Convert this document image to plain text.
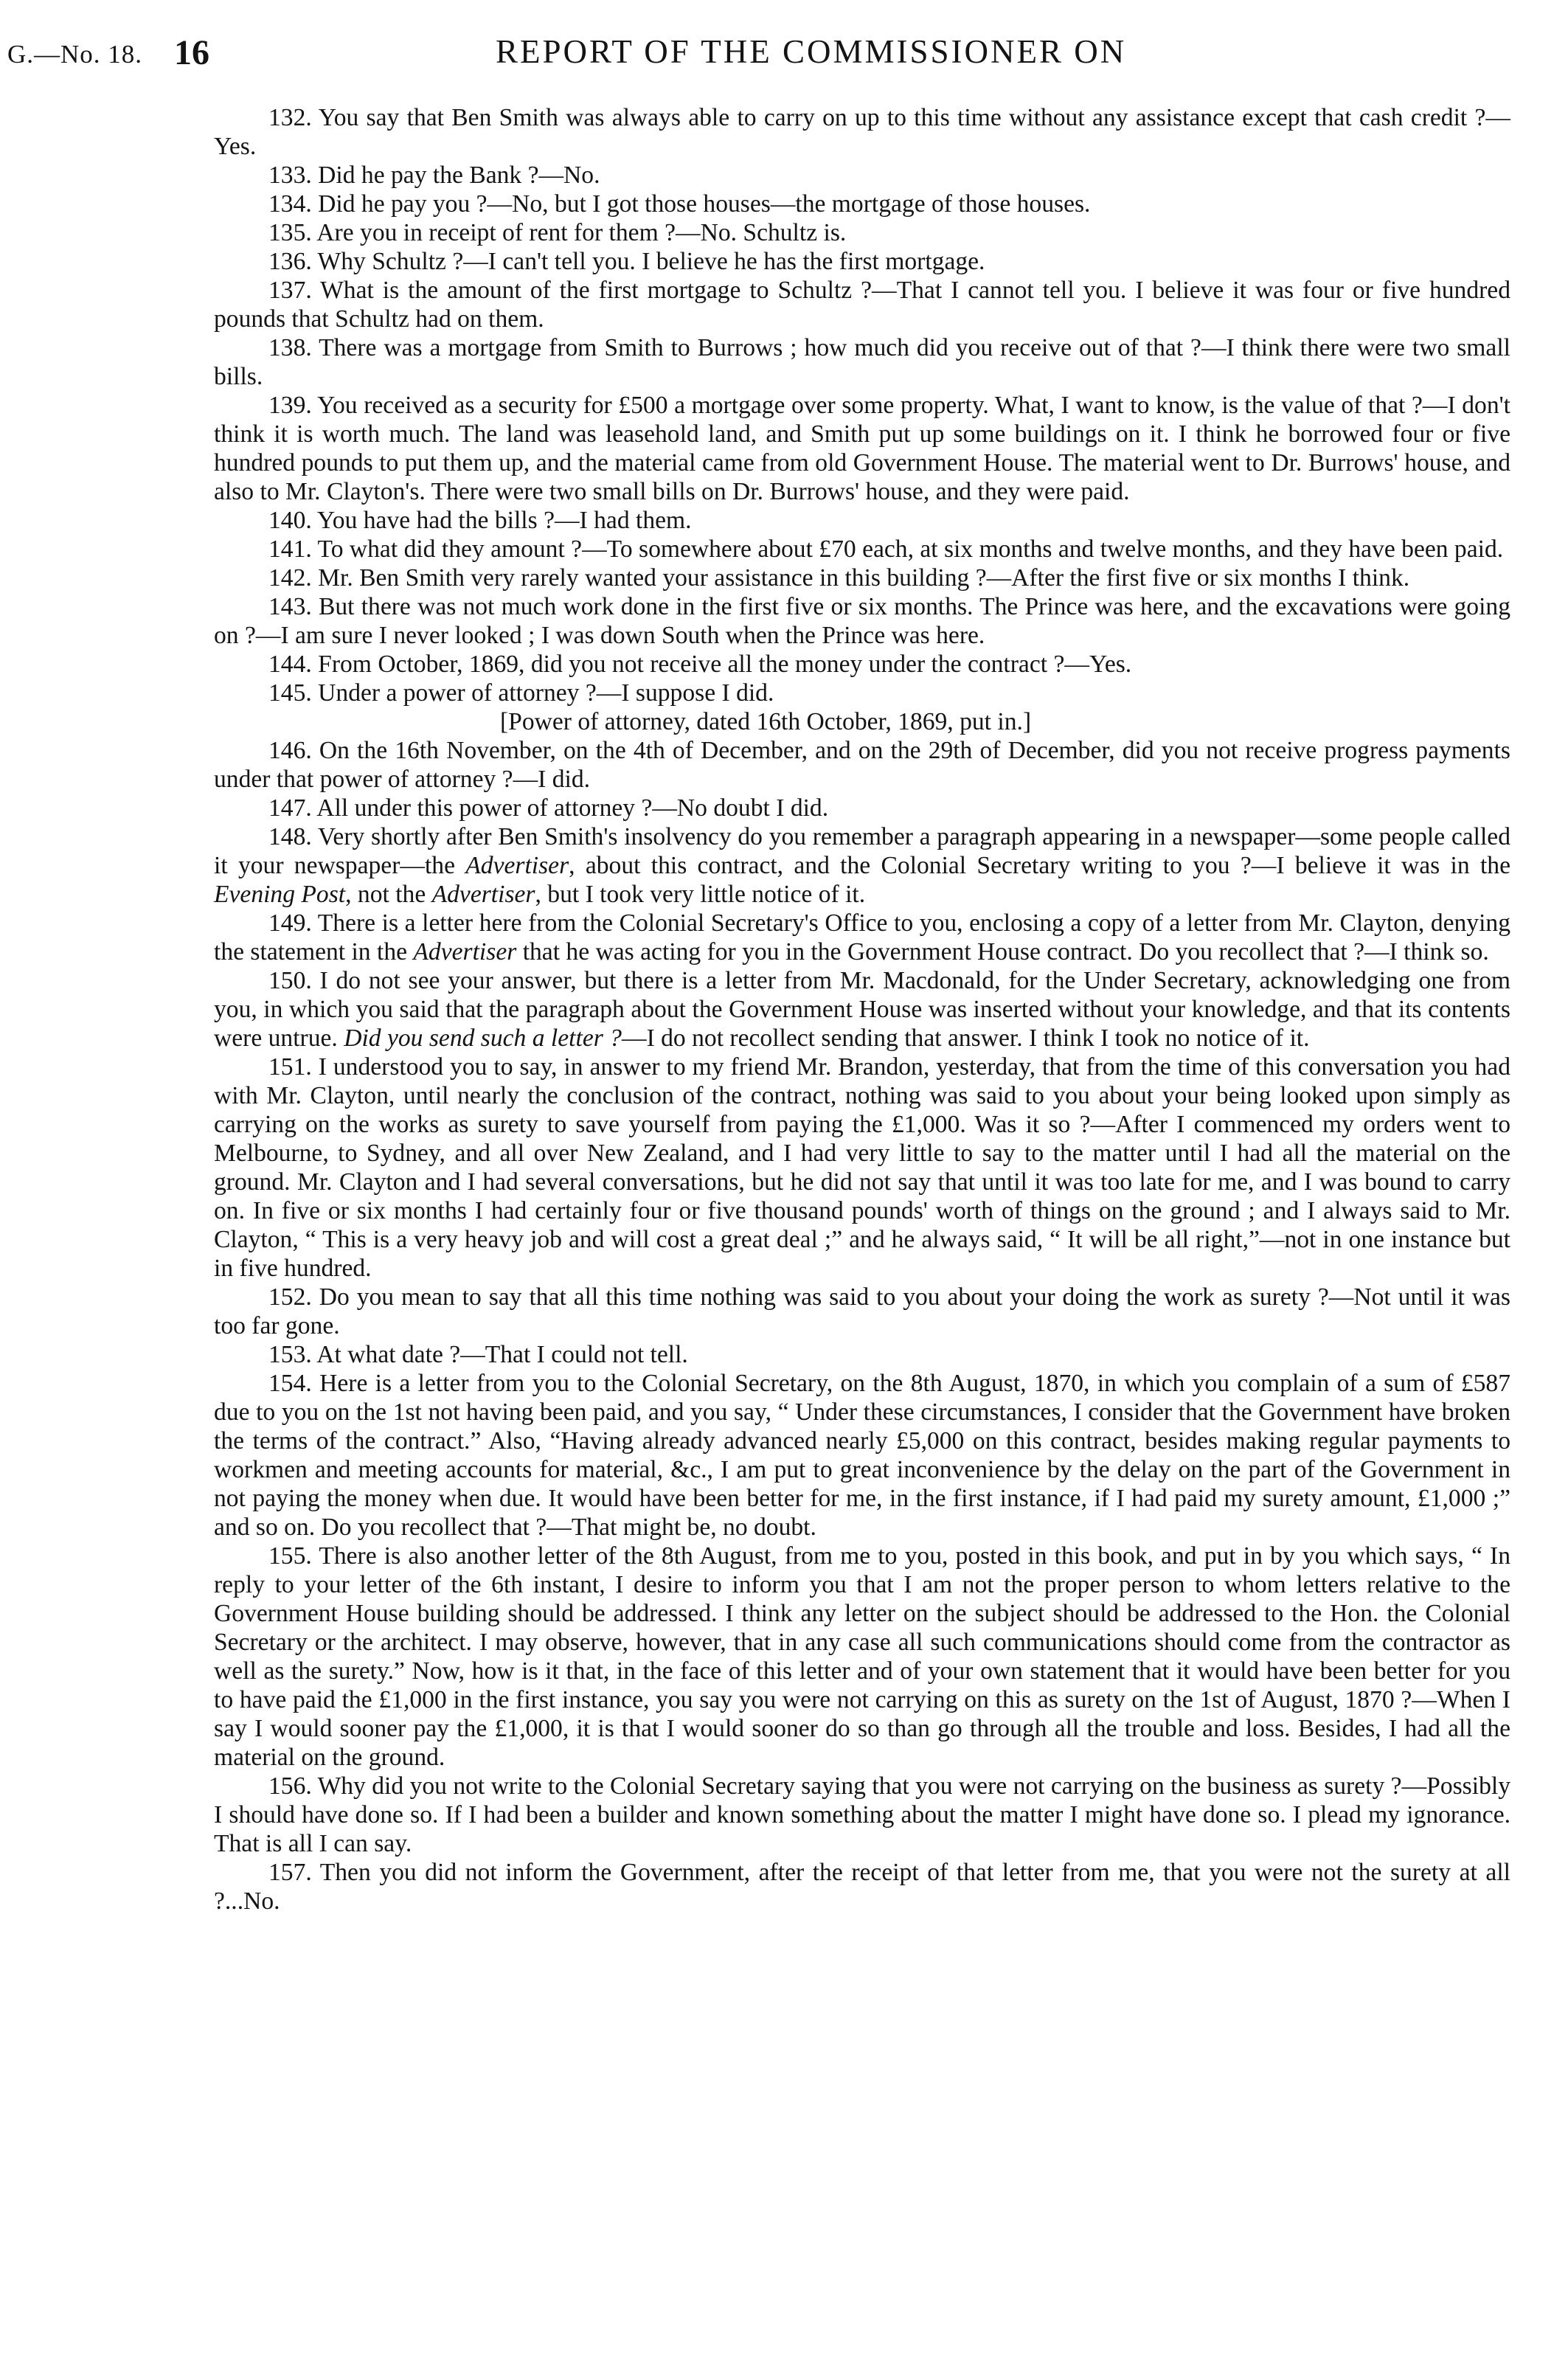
G.—No. 18. 16	REPORT OF THE COMMISSIONER ON

132. You say that Ben Smith was always able to carry on up to this time without any assistance except that cash credit ?—Yes.

133. Did he pay the Bank ?—No.

134. Did he pay you ?—No, but I got those houses—the mortgage of those houses.

135. Are you in receipt of rent for them ?—No. Schultz is.

136. Why Schultz ?—I can't tell you. I believe he has the first mortgage.

137. What is the amount of the first mortgage to Schultz ?—That I cannot tell you. I believe it was four or five hundred pounds that Schultz had on them.

138. There was a mortgage from Smith to Burrows ; how much did you receive out of that ?—I think there were two small bills.

139. You received as a security for £500 a mortgage over some property. What, I want to know, is the value of that ?—I don't think it is worth much. The land was leasehold land, and Smith put up some buildings on it. I think he borrowed four or five hundred pounds to put them up, and the material came from old Government House. The material went to Dr. Burrows' house, and also to Mr. Clayton's. There were two small bills on Dr. Burrows' house, and they were paid.

140. You have had the bills ?—I had them.

141. To what did they amount ?—To somewhere about £70 each, at six months and twelve months, and they have been paid.

142. Mr. Ben Smith very rarely wanted your assistance in this building ?—After the first five or six months I think.

143. But there was not much work done in the first five or six months. The Prince was here, and the excavations were going on ?—I am sure I never looked ; I was down South when the Prince was here.

144. From October, 1869, did you not receive all the money under the contract ?—Yes.

145. Under a power of attorney ?—I suppose I did.

[Power of attorney, dated 16th October, 1869, put in.]

146. On the 16th November, on the 4th of December, and on the 29th of December, did you not receive progress payments under that power of attorney ?—I did.

147. All under this power of attorney ?—No doubt I did.

148. Very shortly after Ben Smith's insolvency do you remember a paragraph appearing in a newspaper—some people called it your newspaper—the Advertiser, about this contract, and the Colonial Secretary writing to you ?—I believe it was in the Evening Post, not the Advertiser, but I took very little notice of it.

149. There is a letter here from the Colonial Secretary's Office to you, enclosing a copy of a letter from Mr. Clayton, denying the statement in the Advertiser that he was acting for you in the Government House contract. Do you recollect that ?—I think so.

150. I do not see your answer, but there is a letter from Mr. Macdonald, for the Under Secretary, acknowledging one from you, in which you said that the paragraph about the Government House was inserted without your knowledge, and that its contents were untrue. Did you send such a letter ?—I do not recollect sending that answer. I think I took no notice of it.

151. I understood you to say, in answer to my friend Mr. Brandon, yesterday, that from the time of this conversation you had with Mr. Clayton, until nearly the conclusion of the contract, nothing was said to you about your being looked upon simply as carrying on the works as surety to save yourself from paying the £1,000. Was it so ?—After I commenced my orders went to Melbourne, to Sydney, and all over New Zealand, and I had very little to say to the matter until I had all the material on the ground. Mr. Clayton and I had several conversations, but he did not say that until it was too late for me, and I was bound to carry on. In five or six months I had certainly four or five thousand pounds' worth of things on the ground ; and I always said to Mr. Clayton, “ This is a very heavy job and will cost a great deal ;” and he always said, “ It will be all right,”—not in one instance but in five hundred.

152. Do you mean to say that all this time nothing was said to you about your doing the work as surety ?—Not until it was too far gone.

153. At what date ?—That I could not tell.

154. Here is a letter from you to the Colonial Secretary, on the 8th August, 1870, in which you complain of a sum of £587 due to you on the 1st not having been paid, and you say, “ Under these circumstances, I consider that the Government have broken the terms of the contract.” Also, “Having already advanced nearly £5,000 on this contract, besides making regular payments to workmen and meeting accounts for material, &c., I am put to great inconvenience by the delay on the part of the Government in not paying the money when due. It would have been better for me, in the first instance, if I had paid my surety amount, £1,000 ;” and so on. Do you recollect that ?—That might be, no doubt.

155. There is also another letter of the 8th August, from me to you, posted in this book, and put in by you which says, “ In reply to your letter of the 6th instant, I desire to inform you that I am not the proper person to whom letters relative to the Government House building should be addressed. I think any letter on the subject should be addressed to the Hon. the Colonial Secretary or the architect. I may observe, however, that in any case all such communications should come from the contractor as well as the surety.” Now, how is it that, in the face of this letter and of your own statement that it would have been better for you to have paid the £1,000 in the first instance, you say you were not carrying on this as surety on the 1st of August, 1870 ?—When I say I would sooner pay the £1,000, it is that I would sooner do so than go through all the trouble and loss. Besides, I had all the material on the ground.

156. Why did you not write to the Colonial Secretary saying that you were not carrying on the business as surety ?—Possibly I should have done so. If I had been a builder and known something about the matter I might have done so. I plead my ignorance. That is all I can say.

157. Then you did not inform the Government, after the receipt of that letter from me, that you were not the surety at all ?...No.
